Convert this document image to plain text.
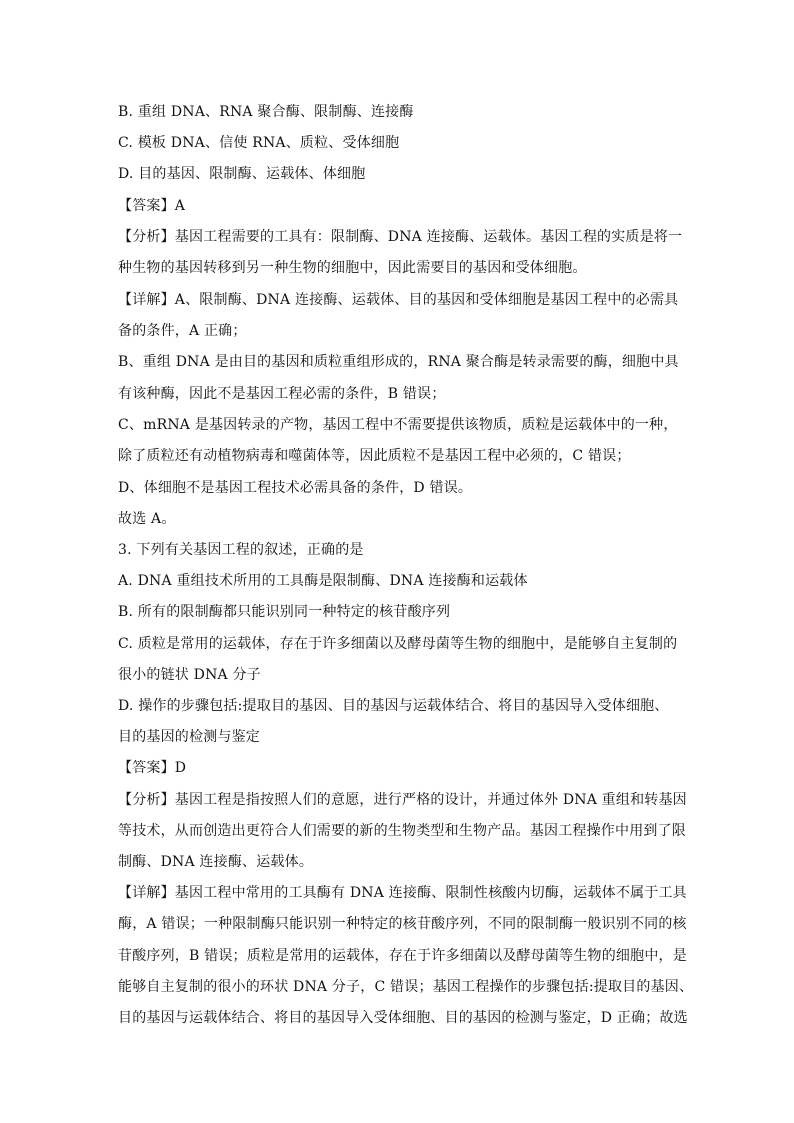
B. 重组 DNA、RNA 聚合酶、限制酶、连接酶
C. 模板 DNA、信使 RNA、质粒、受体细胞
D. 目的基因、限制酶、运载体、体细胞
【答案】A
【分析】基因工程需要的工具有：限制酶、DNA 连接酶、运载体。基因工程的实质是将一
种生物的基因转移到另一种生物的细胞中，因此需要目的基因和受体细胞。
【详解】A、限制酶、DNA 连接酶、运载体、目的基因和受体细胞是基因工程中的必需具
备的条件，A 正确；
B、重组 DNA 是由目的基因和质粒重组形成的，RNA 聚合酶是转录需要的酶，细胞中具
有该种酶，因此不是基因工程必需的条件，B 错误；
C、mRNA 是基因转录的产物，基因工程中不需要提供该物质，质粒是运载体中的一种，
除了质粒还有动植物病毒和噬菌体等，因此质粒不是基因工程中必须的，C 错误；
D、体细胞不是基因工程技术必需具备的条件，D 错误。
故选 A。
3. 下列有关基因工程的叙述，正确的是
A. DNA 重组技术所用的工具酶是限制酶、DNA 连接酶和运载体
B. 所有的限制酶都只能识别同一种特定的核苷酸序列
C. 质粒是常用的运载体，存在于许多细菌以及酵母菌等生物的细胞中，是能够自主复制的
很小的链状 DNA 分子
D. 操作的步骤包括:提取目的基因、目的基因与运载体结合、将目的基因导入受体细胞、
目的基因的检测与鉴定
【答案】D
【分析】基因工程是指按照人们的意愿，进行严格的设计，并通过体外 DNA 重组和转基因
等技术，从而创造出更符合人们需要的新的生物类型和生物产品。基因工程操作中用到了限
制酶、DNA 连接酶、运载体。
【详解】基因工程中常用的工具酶有 DNA 连接酶、限制性核酸内切酶，运载体不属于工具
酶，A 错误；一种限制酶只能识别一种特定的核苷酸序列，不同的限制酶一般识别不同的核
苷酸序列，B 错误；质粒是常用的运载体，存在于许多细菌以及酵母菌等生物的细胞中，是
能够自主复制的很小的环状 DNA 分子，C 错误；基因工程操作的步骤包括:提取目的基因、
目的基因与运载体结合、将目的基因导入受体细胞、目的基因的检测与鉴定，D 正确；故选
